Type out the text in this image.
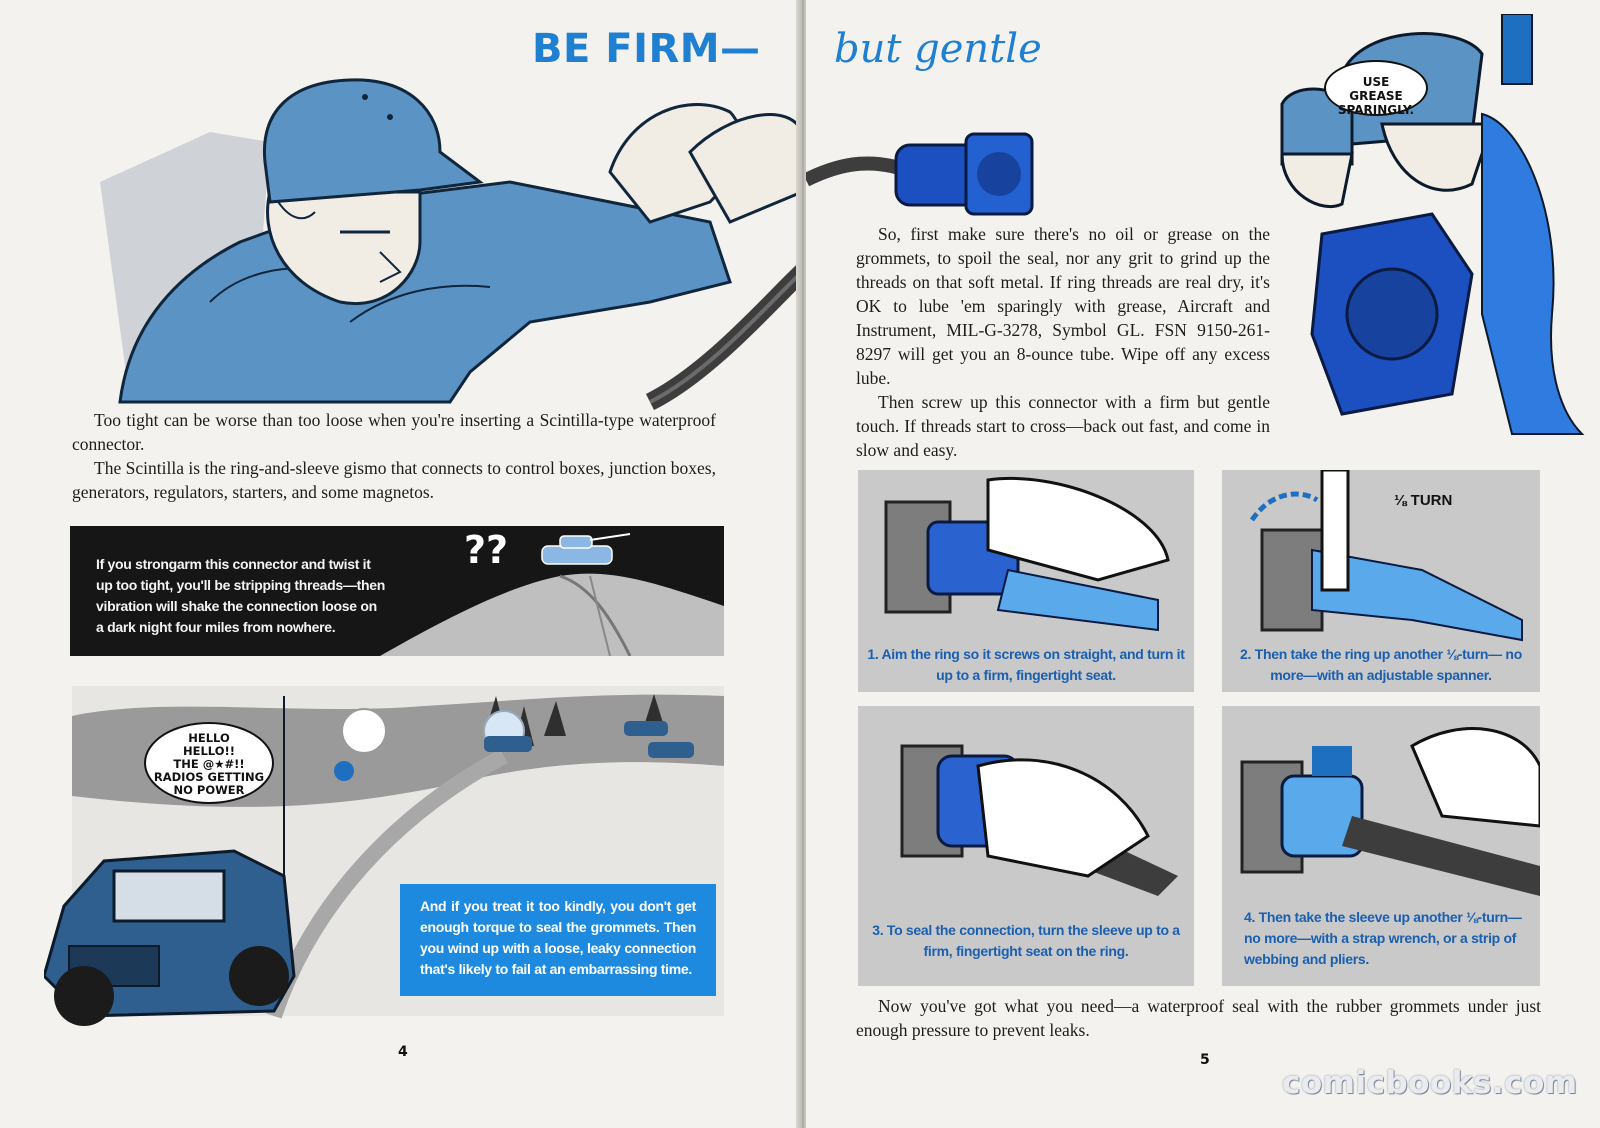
BE FIRM—

Too tight can be worse than too loose when you're inserting a Scintilla-type waterproof connector.

The Scintilla is the ring-and-sleeve gismo that connects to control boxes, junction boxes, generators, regulators, starters, and some magnetos.

If you strongarm this connector and twist it up too tight, you'll be stripping threads—then vibration will shake the connection loose on a dark night four miles from nowhere.
??
HELLO
HELLO!!
THE @★#!!
RADIOS GETTING
NO POWER
And if you treat it too kindly, you don't get enough torque to seal the grommets. Then you wind up with a loose, leaky connection that's likely to fail at an embarrassing time.
4
but gentle
USE GREASE SPARINGLY.

So, first make sure there's no oil or grease on the grommets, to spoil the seal, nor any grit to grind up the threads on that soft metal. If ring threads are real dry, it's OK to lube 'em sparingly with grease, Aircraft and Instrument, MIL-G-3278, Symbol GL. FSN 9150-261-8297 will get you an 8-ounce tube. Wipe off any excess lube.

Then screw up this connector with a firm but gentle touch. If threads start to cross—back out fast, and come in slow and easy.

1. Aim the ring so it screws on straight, and turn it up to a firm, fingertight seat.
⅛ TURN
2. Then take the ring up another ⅛-turn— no more—with an adjustable spanner.
3. To seal the connection, turn the sleeve up to a firm, fingertight seat on the ring.
4. Then take the sleeve up another ⅛-turn— no more—with a strap wrench, or a strip of webbing and pliers.

Now you've got what you need—a waterproof seal with the rubber grommets under just enough pressure to prevent leaks.

5
comicbooks.com
